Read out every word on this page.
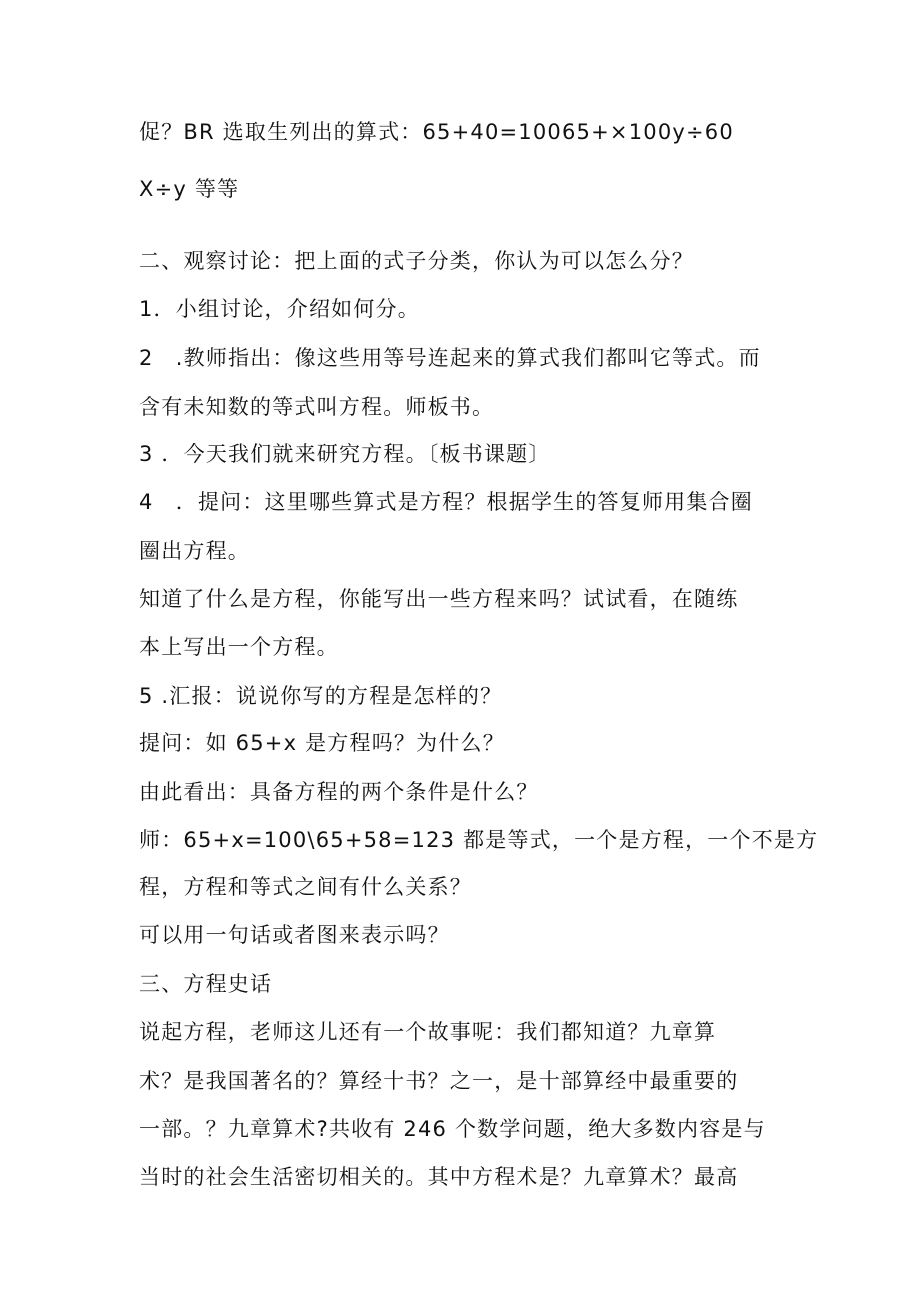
促？BR 选取生列出的算式：65+40=10065+×100y÷60
X÷y 等等
二、观察讨论：把上面的式子分类，你认为可以怎么分？
1．小组讨论，介绍如何分。
2　.教师指出：像这些用等号连起来的算式我们都叫它等式。而
含有未知数的等式叫方程。师板书。
3 ．今天我们就来研究方程。〔板书课题〕
4　．提问：这里哪些算式是方程？根据学生的答复师用集合圈
圈出方程。
知道了什么是方程，你能写出一些方程来吗？试试看，在随练
本上写出一个方程。
5 .汇报：说说你写的方程是怎样的？
提问：如 65+x 是方程吗？为什么？
由此看出：具备方程的两个条件是什么？
师：65+x=100\65+58=123 都是等式，一个是方程，一个不是方
程，方程和等式之间有什么关系？
可以用一句话或者图来表示吗？
三、方程史话
说起方程，老师这儿还有一个故事呢：我们都知道？九章算
术？是我国著名的？算经十书？之一，是十部算经中最重要的
一部。？九章算术?共收有 246 个数学问题，绝大多数内容是与
当时的社会生活密切相关的。其中方程术是？九章算术？最高
